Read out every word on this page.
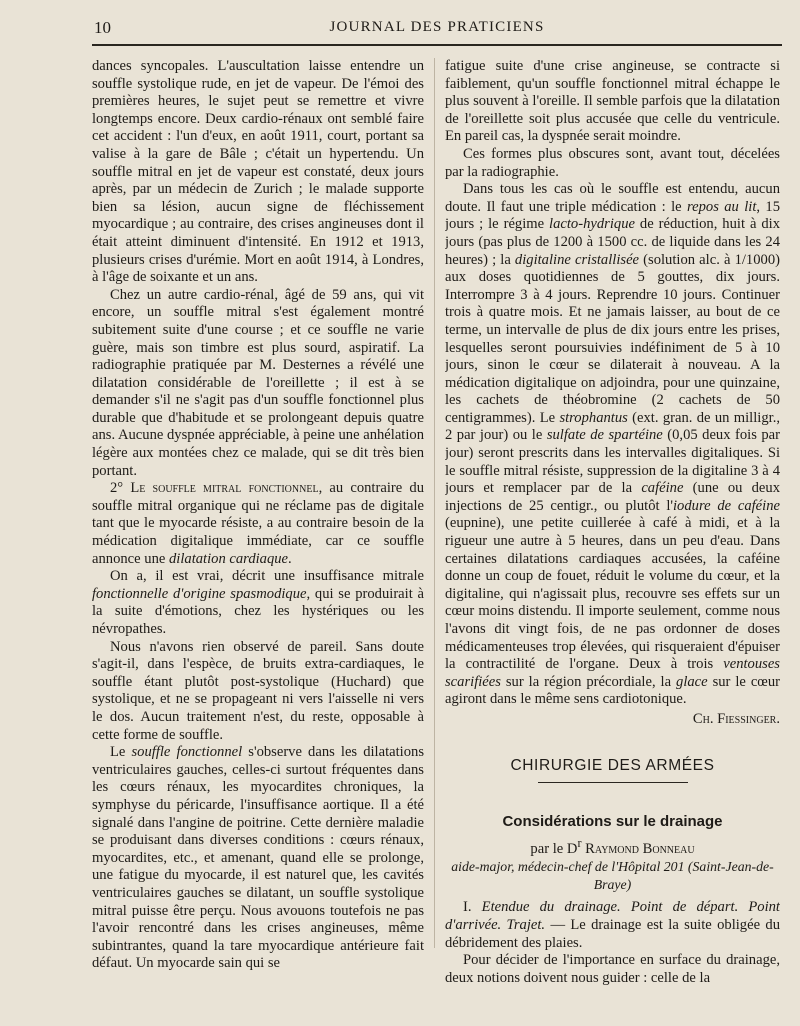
10	JOURNAL DES PRATICIENS

dances syncopales. L'auscultation laisse entendre un souffle systolique rude, en jet de vapeur. De l'émoi des premières heures, le sujet peut se remettre et vivre longtemps encore. Deux cardio-rénaux ont semblé faire cet accident : l'un d'eux, en août 1911, court, portant sa valise à la gare de Bâle ; c'était un hypertendu. Un souffle mitral en jet de vapeur est constaté, deux jours après, par un médecin de Zurich ; le malade supporte bien sa lésion, aucun signe de fléchissement myocardique ; au contraire, des crises angineuses dont il était atteint diminuent d'intensité. En 1912 et 1913, plusieurs crises d'urémie. Mort en août 1914, à Londres, à l'âge de soixante et un ans.

Chez un autre cardio-rénal, âgé de 59 ans, qui vit encore, un souffle mitral s'est également montré subitement suite d'une course ; et ce souffle ne varie guère, mais son timbre est plus sourd, aspiratif. La radiographie pratiquée par M. Desternes a révélé une dilatation considérable de l'oreillette ; il est à se demander s'il ne s'agit pas d'un souffle fonctionnel plus durable que d'habitude et se prolongeant depuis quatre ans. Aucune dyspnée appréciable, à peine une anhélation légère aux montées chez ce malade, qui se dit très bien portant.

2° Le souffle mitral fonctionnel, au contraire du souffle mitral organique qui ne réclame pas de digitale tant que le myocarde résiste, a au contraire besoin de la médication digitalique immédiate, car ce souffle annonce une dilatation cardiaque.

On a, il est vrai, décrit une insuffisance mitrale fonctionnelle d'origine spasmodique, qui se produirait à la suite d'émotions, chez les hystériques ou les névropathes.

Nous n'avons rien observé de pareil. Sans doute s'agit-il, dans l'espèce, de bruits extra-cardiaques, le souffle étant plutôt post-systolique (Huchard) que systolique, et ne se propageant ni vers l'aisselle ni vers le dos. Aucun traitement n'est, du reste, opposable à cette forme de souffle.

Le souffle fonctionnel s'observe dans les dilatations ventriculaires gauches, celles-ci surtout fréquentes dans les cœurs rénaux, les myocardites chroniques, la symphyse du péricarde, l'insuffisance aortique. Il a été signalé dans l'angine de poitrine. Cette dernière maladie se produisant dans diverses conditions : cœurs rénaux, myocardites, etc., et amenant, quand elle se prolonge, une fatigue du myocarde, il est naturel que, les cavités ventriculaires gauches se dilatant, un souffle systolique mitral puisse être perçu. Nous avouons toutefois ne pas l'avoir rencontré dans les crises angineuses, même subintrantes, quand la tare myocardique antérieure fait défaut. Un myocarde sain qui se

fatigue suite d'une crise angineuse, se contracte si faiblement, qu'un souffle fonctionnel mitral échappe le plus souvent à l'oreille. Il semble parfois que la dilatation de l'oreillette soit plus accusée que celle du ventricule. En pareil cas, la dyspnée serait moindre.

Ces formes plus obscures sont, avant tout, décelées par la radiographie.

Dans tous les cas où le souffle est entendu, aucun doute. Il faut une triple médication : le repos au lit, 15 jours ; le régime lacto-hydrique de réduction, huit à dix jours (pas plus de 1200 à 1500 cc. de liquide dans les 24 heures) ; la digitaline cristallisée (solution alc. à 1/1000) aux doses quotidiennes de 5 gouttes, dix jours. Interrompre 3 à 4 jours. Reprendre 10 jours. Continuer trois à quatre mois. Et ne jamais laisser, au bout de ce terme, un intervalle de plus de dix jours entre les prises, lesquelles seront poursuivies indéfiniment de 5 à 10 jours, sinon le cœur se dilaterait à nouveau. A la médication digitalique on adjoindra, pour une quinzaine, les cachets de théobromine (2 cachets de 50 centigrammes). Le strophantus (ext. gran. de un milligr., 2 par jour) ou le sulfate de spartéine (0,05 deux fois par jour) seront prescrits dans les intervalles digitaliques. Si le souffle mitral résiste, suppression de la digitaline 3 à 4 jours et remplacer par de la caféine (une ou deux injections de 25 centigr., ou plutôt l'iodure de caféine (eupnine), une petite cuillerée à café à midi, et à la rigueur une autre à 5 heures, dans un peu d'eau. Dans certaines dilatations cardiaques accusées, la caféine donne un coup de fouet, réduit le volume du cœur, et la digitaline, qui n'agissait plus, recouvre ses effets sur un cœur moins distendu. Il importe seulement, comme nous l'avons dit vingt fois, de ne pas ordonner de doses médicamenteuses trop élevées, qui risqueraient d'épuiser la contractilité de l'organe. Deux à trois ventouses scarifiées sur la région précordiale, la glace sur le cœur agiront dans le même sens cardiotonique.

Ch. Fiessinger.
CHIRURGIE DES ARMÉES
Considérations sur le drainage
par le $D^r$ Raymond Bonneau
aide-major, médecin-chef de l'Hôpital 201 (Saint-Jean-de-Braye)

I. Etendue du drainage. Point de départ. Point d'arrivée. Trajet. — Le drainage est la suite obligée du débridement des plaies.

Pour décider de l'importance en surface du drainage, deux notions doivent nous guider : celle de la
